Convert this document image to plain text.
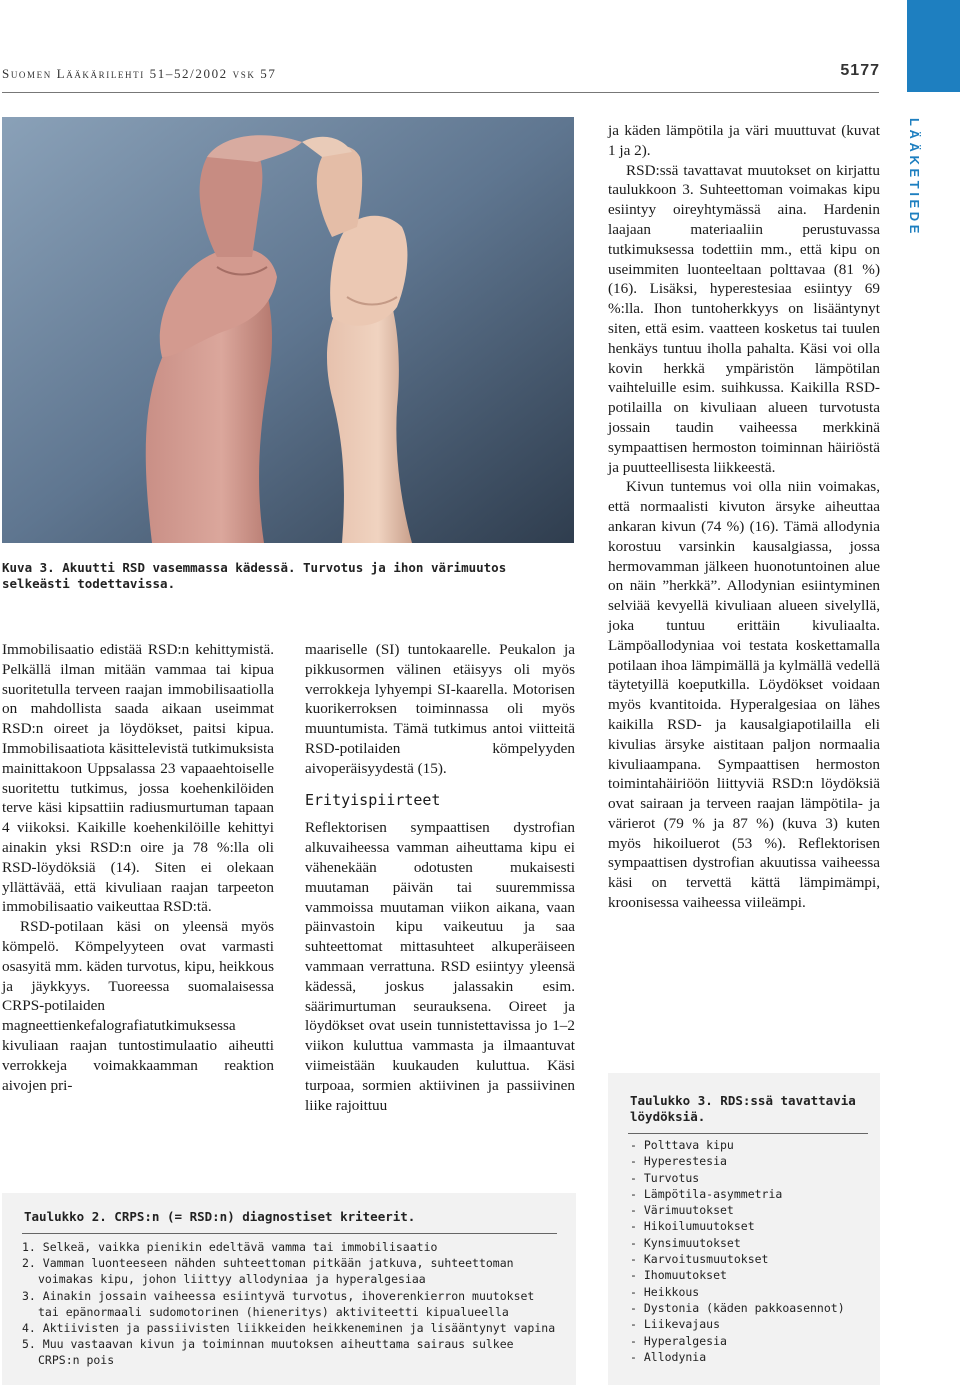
LÄÄKETIEDE
Suomen Lääkärilehti 51–52/2002 vsk 57	5177
Kuva 3. Akuutti RSD vasemmassa kädessä. Turvotus ja ihon värimuutos selkeästi todettavissa.

Immobilisaatio edistää RSD:n kehittymistä. Pelkällä ilman mitään vammaa tai kipua suoritetulla terveen raajan immobilisaatiolla on mahdollista saada aikaan useimmat RSD:n oireet ja löydökset, paitsi kipua. Immobilisaatiota käsittelevistä tutkimuksista mainittakoon Uppsalassa 23 vapaaehtoiselle suoritettu tutkimus, jossa koehenkilöiden terve käsi kipsattiin radiusmurtuman tapaan 4 viikoksi. Kaikille koehenkilöille kehittyi ainakin yksi RSD:n oire ja 78 %:lla oli RSD-löydöksiä (14). Siten ei olekaan yllättävää, että kivuliaan raajan tarpeeton immobilisaatio vaikeuttaa RSD:tä.

RSD-potilaan käsi on yleensä myös kömpelö. Kömpelyyteen ovat varmasti osasyitä mm. käden turvotus, kipu, heikkous ja jäykkyys. Tuoreessa suomalaisessa CRPS-potilaiden magneettienkefalografiatutkimuksessa kivuliaan raajan tuntostimulaatio aiheutti verrokkeja voimakkaamman reaktion aivojen pri-

maariselle (SI) tuntokaarelle. Peukalon ja pikkusormen välinen etäisyys oli myös verrokkeja lyhyempi SI-kaarella. Motorisen kuorikerroksen toiminnassa oli myös muuntumista. Tämä tutkimus antoi viitteitä RSD-potilaiden kömpelyyden aivoperäisyydestä (15).

Erityispiirteet

Reflektorisen sympaattisen dystrofian alkuvaiheessa vamman aiheuttama kipu ei vähenekään odotusten mukaisesti muutaman päivän tai suuremmissa vammoissa muutaman viikon aikana, vaan päinvastoin kipu vaikeutuu ja saa suhteettomat mittasuhteet alkuperäiseen vammaan verrattuna. RSD esiintyy yleensä kädessä, joskus jalassakin esim. säärimurtuman seurauksena. Oireet ja löydökset ovat usein tunnistettavissa jo 1–2 viikon kuluttua vammasta ja ilmaantuvat viimeistään kuukauden kuluttua. Käsi turpoaa, sormien aktiivinen ja passiivinen liike rajoittuu

ja käden lämpötila ja väri muuttuvat (kuvat 1 ja 2).

RSD:ssä tavattavat muutokset on kirjattu taulukkoon 3. Suhteettoman voimakas kipu esiintyy oireyhtymässä aina. Hardenin laajaan materiaaliin perustuvassa tutkimuksessa todettiin mm., että kipu on useimmiten luonteeltaan polttavaa (81 %) (16). Lisäksi, hyperestesiaa esiintyy 69 %:lla. Ihon tuntoherkkyys on lisääntynyt siten, että esim. vaatteen kosketus tai tuulen henkäys tuntuu iholla pahalta. Käsi voi olla kovin herkkä ympäristön lämpötilan vaihteluille esim. suihkussa. Kaikilla RSD-potilailla on kivuliaan alueen turvotusta jossain taudin vaiheessa merkkinä sympaattisen hermoston toiminnan häiriöstä ja puutteellisesta liikkeestä.

Kivun tuntemus voi olla niin voimakas, että normaalisti kivuton ärsyke aiheuttaa ankaran kivun (74 %) (16). Tämä allodynia korostuu varsinkin kausalgiassa, jossa hermovamman jälkeen huonotuntoinen alue on näin ”herkkä”. Allodynian esiintyminen selviää kevyellä kivuliaan alueen sivelyllä, joka tuntuu erittäin kivuliaalta. Lämpöallodyniaa voi testata koskettamalla potilaan ihoa lämpimällä ja kylmällä vedellä täytetyillä koeputkilla. Löydökset voidaan myös kvantitoida. Hyperalgesiaa on lähes kaikilla RSD- ja kausalgiapotilailla eli kivulias ärsyke aistitaan paljon normaalia kivuliaampana. Sympaattisen hermoston toimintahäiriöön liittyviä RSD:n löydöksiä ovat sairaan ja terveen raajan lämpötila- ja värierot (79 % ja 87 %) (kuva 3) kuten myös hikoiluerot (53 %). Reflektorisen sympaattisen dystrofian akuutissa vaiheessa käsi on tervettä kättä lämpimämpi, kroonisessa vaiheessa viileämpi.

Taulukko 2. CRPS:n (= RSD:n) diagnostiset kriteerit.
1. Selkeä, vaikka pienikin edeltävä vamma tai immobilisaatio
2. Vamman luonteeseen nähden suhteettoman pitkään jatkuva, suhteettoman voimakas kipu, johon liittyy allodyniaa ja hyperalgesiaa
3. Ainakin jossain vaiheessa esiintyvä turvotus, ihoverenkierron muutokset tai epänormaali sudomotorinen (hieneritys) aktiviteetti kipualueella
4. Aktiivisten ja passiivisten liikkeiden heikkeneminen ja lisääntynyt vapina
5. Muu vastaavan kivun ja toiminnan muutoksen aiheuttama sairaus sulkee CRPS:n pois
Taulukko 3. RDS:ssä tavattavia löydöksiä.
- Polttava kipu
- Hyperestesia
- Turvotus
- Lämpötila-asymmetria
- Värimuutokset
- Hikoilumuutokset
- Kynsimuutokset
- Karvoitusmuutokset
- Ihomuutokset
- Heikkous
- Dystonia (käden pakkoasennot)
- Liikevajaus
- Hyperalgesia
- Allodynia
